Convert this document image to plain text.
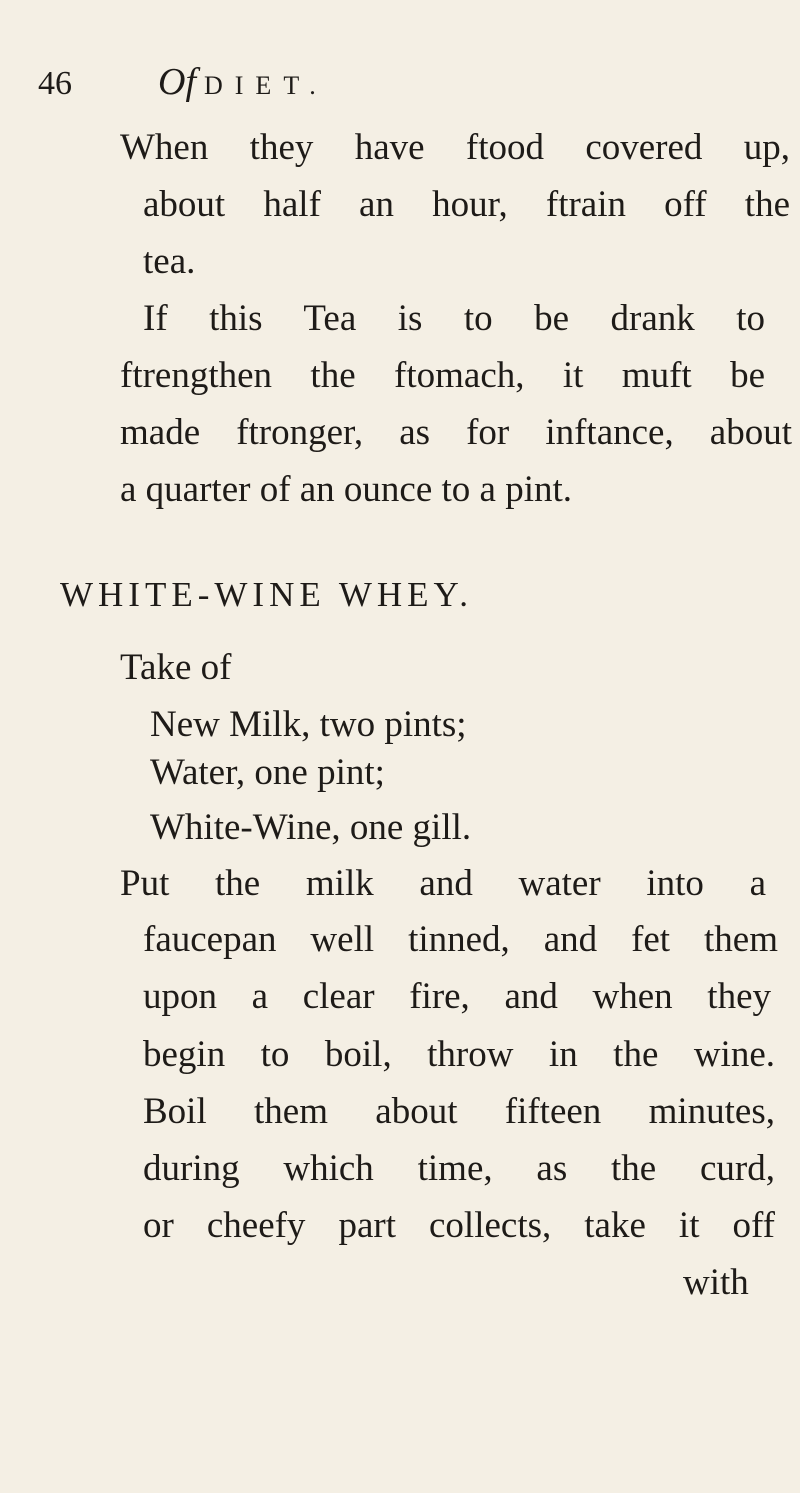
46 Of DIET.
When they have ftood covered up,
about half an hour, ftrain off the
tea.
If this Tea is to be drank to
ftrengthen the ftomach, it muft be
made ftronger, as for inftance, about
a quarter of an ounce to a pint.
WHITE-WINE WHEY.
Take of
New Milk, two pints;
Water, one pint;
White-Wine, one gill.
Put the milk and water into a
faucepan well tinned, and fet them
upon a clear fire, and when they
begin to boil, throw in the wine.
Boil them about fifteen minutes,
during which time, as the curd,
or cheefy part collects, take it off
with
